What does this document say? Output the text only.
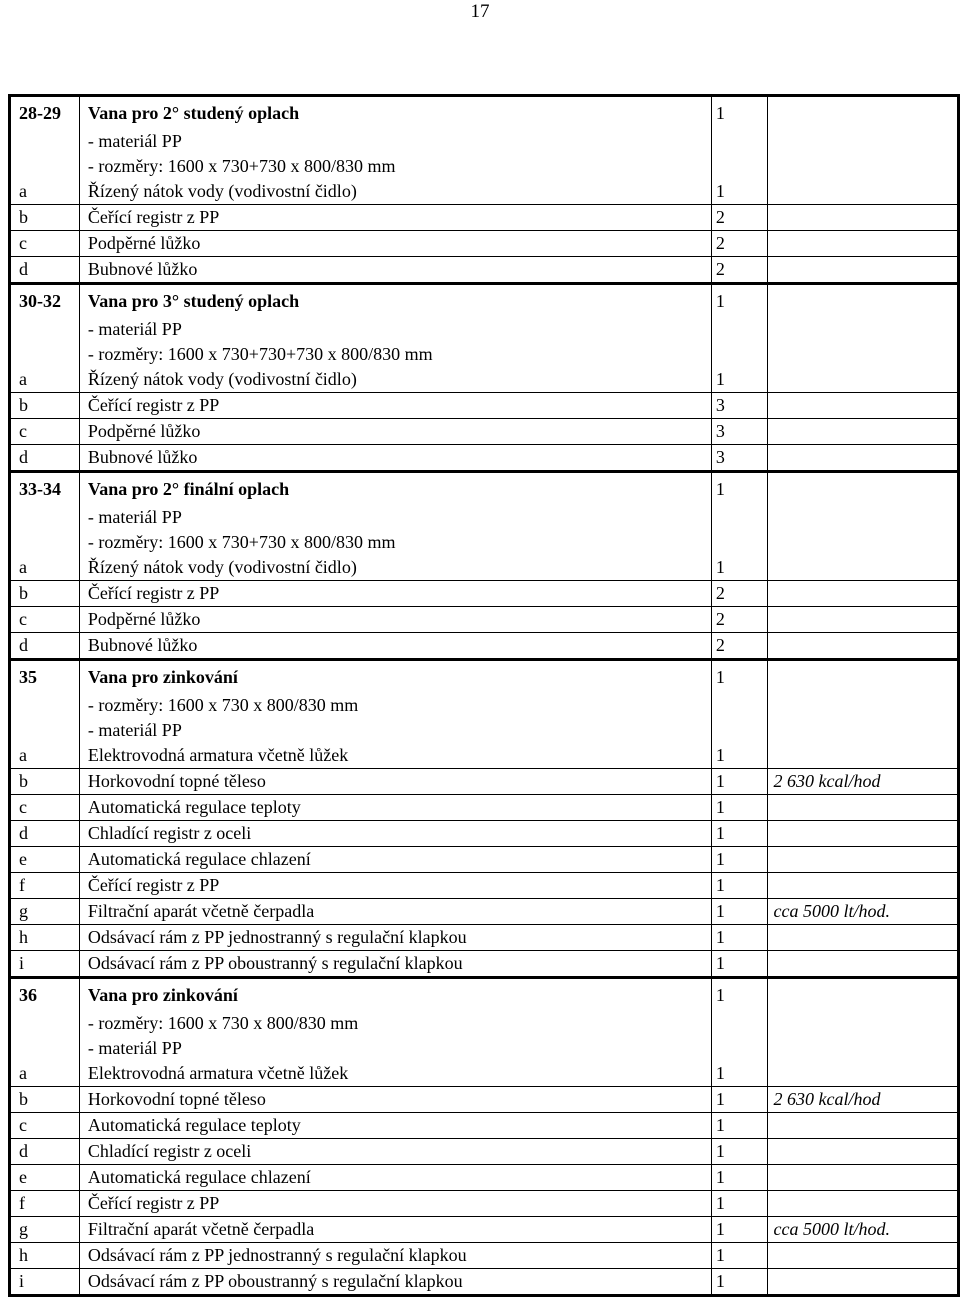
17
28-29	Vana pro 2° studený oplach	1	
	- materiál PP		
	- rozměry: 1600 x 730+730 x 800/830 mm		
a	Řízený nátok vody (vodivostní čidlo)	1	
b	Čeřící registr z PP	2	
c	Podpěrné lůžko	2	
d	Bubnové lůžko	2	
30-32	Vana pro 3° studený oplach	1	
	- materiál PP		
	- rozměry: 1600 x 730+730+730 x 800/830 mm		
a	Řízený nátok vody (vodivostní čidlo)	1	
b	Čeřící registr z PP	3	
c	Podpěrné lůžko	3	
d	Bubnové lůžko	3	
33-34	Vana pro 2° finální oplach	1	
	- materiál PP		
	- rozměry: 1600 x 730+730 x 800/830 mm		
a	Řízený nátok vody (vodivostní čidlo)	1	
b	Čeřící registr z PP	2	
c	Podpěrné lůžko	2	
d	Bubnové lůžko	2	
35	Vana pro zinkování	1	
	- rozměry: 1600 x 730 x 800/830 mm		
	- materiál PP		
a	Elektrovodná armatura včetně lůžek	1	
b	Horkovodní topné těleso	1	2 630 kcal/hod
c	Automatická regulace teploty	1	
d	Chladící registr z oceli	1	
e	Automatická regulace chlazení	1	
f	Čeřící registr z PP	1	
g	Filtrační aparát včetně čerpadla	1	cca 5000 lt/hod.
h	Odsávací rám z PP jednostranný s regulační klapkou	1	
i	Odsávací rám z PP oboustranný s regulační klapkou	1	
36	Vana pro zinkování	1	
	- rozměry: 1600 x 730 x 800/830 mm		
	- materiál PP		
a	Elektrovodná armatura včetně lůžek	1	
b	Horkovodní topné těleso	1	2 630 kcal/hod
c	Automatická regulace teploty	1	
d	Chladící registr z oceli	1	
e	Automatická regulace chlazení	1	
f	Čeřící registr z PP	1	
g	Filtrační aparát včetně čerpadla	1	cca 5000 lt/hod.
h	Odsávací rám z PP jednostranný s regulační klapkou	1	
i	Odsávací rám z PP oboustranný s regulační klapkou	1	
